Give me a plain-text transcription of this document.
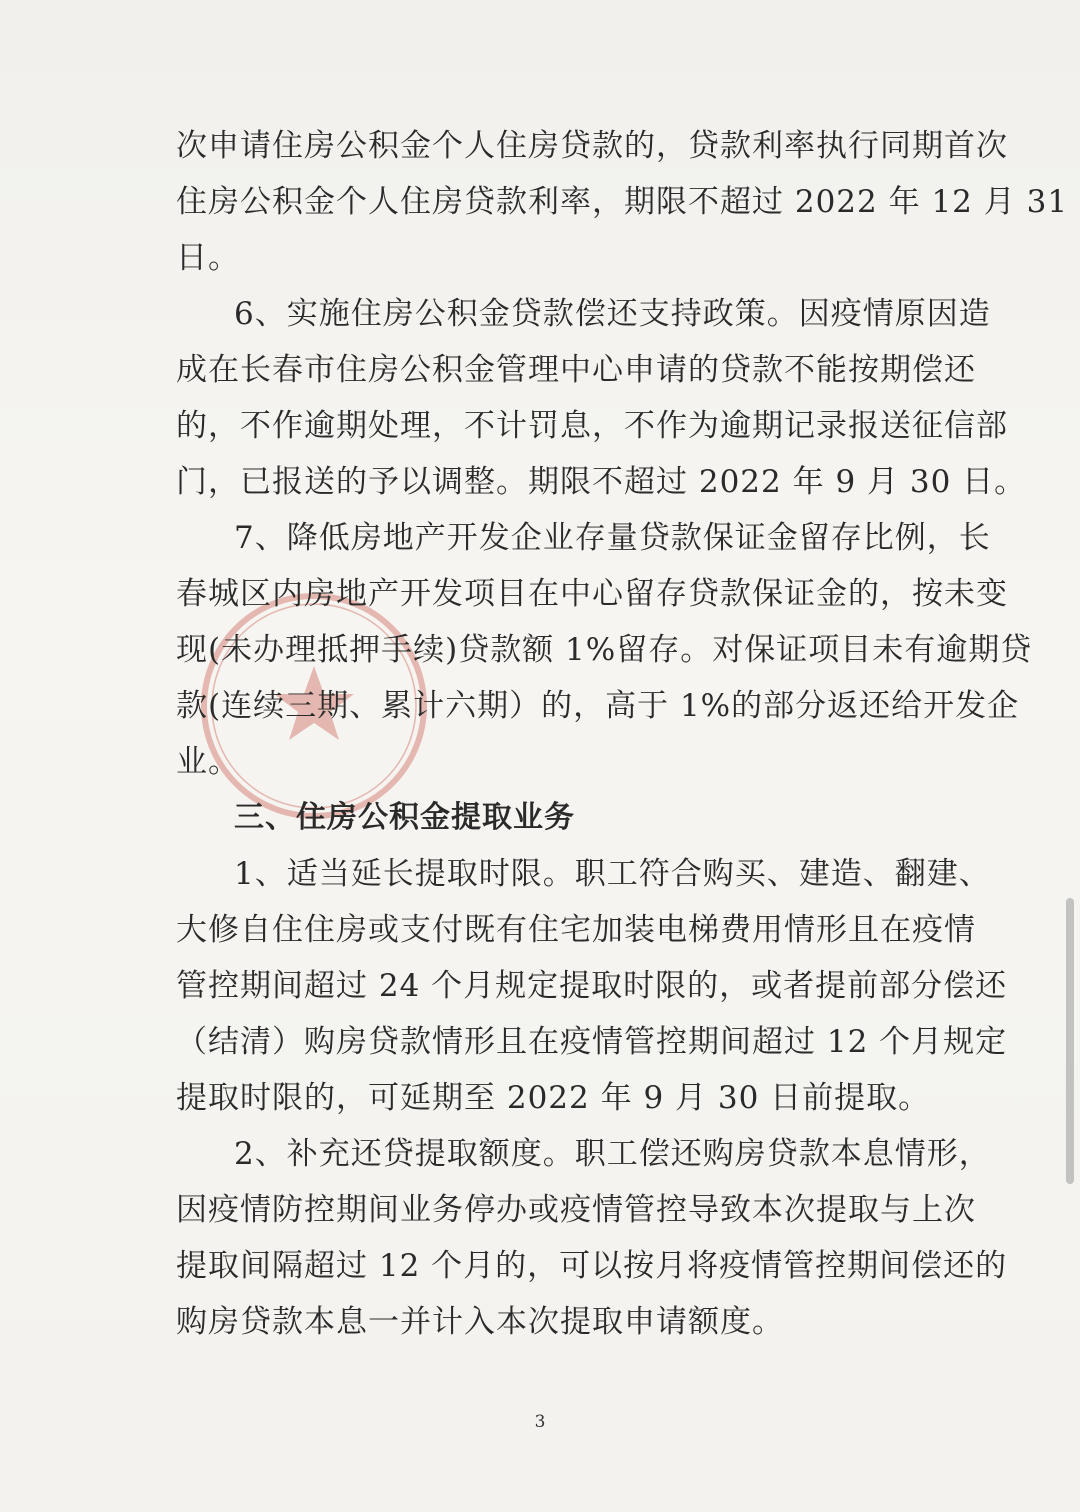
次申请住房公积金个人住房贷款的，贷款利率执行同期首次
住房公积金个人住房贷款利率，期限不超过 2022 年 12 月 31
日。
6、实施住房公积金贷款偿还支持政策。因疫情原因造
成在长春市住房公积金管理中心申请的贷款不能按期偿还
的，不作逾期处理，不计罚息，不作为逾期记录报送征信部
门，已报送的予以调整。期限不超过 2022 年 9 月 30 日。
7、降低房地产开发企业存量贷款保证金留存比例，长
春城区内房地产开发项目在中心留存贷款保证金的，按未变
现(未办理抵押手续)贷款额 1%留存。对保证项目未有逾期贷
款(连续三期、累计六期）的，高于 1%的部分返还给开发企
业。
三、住房公积金提取业务
1、适当延长提取时限。职工符合购买、建造、翻建、
大修自住住房或支付既有住宅加装电梯费用情形且在疫情
管控期间超过 24 个月规定提取时限的，或者提前部分偿还
（结清）购房贷款情形且在疫情管控期间超过 12 个月规定
提取时限的，可延期至 2022 年 9 月 30 日前提取。
2、补充还贷提取额度。职工偿还购房贷款本息情形，
因疫情防控期间业务停办或疫情管控导致本次提取与上次
提取间隔超过 12 个月的，可以按月将疫情管控期间偿还的
购房贷款本息一并计入本次提取申请额度。
3
